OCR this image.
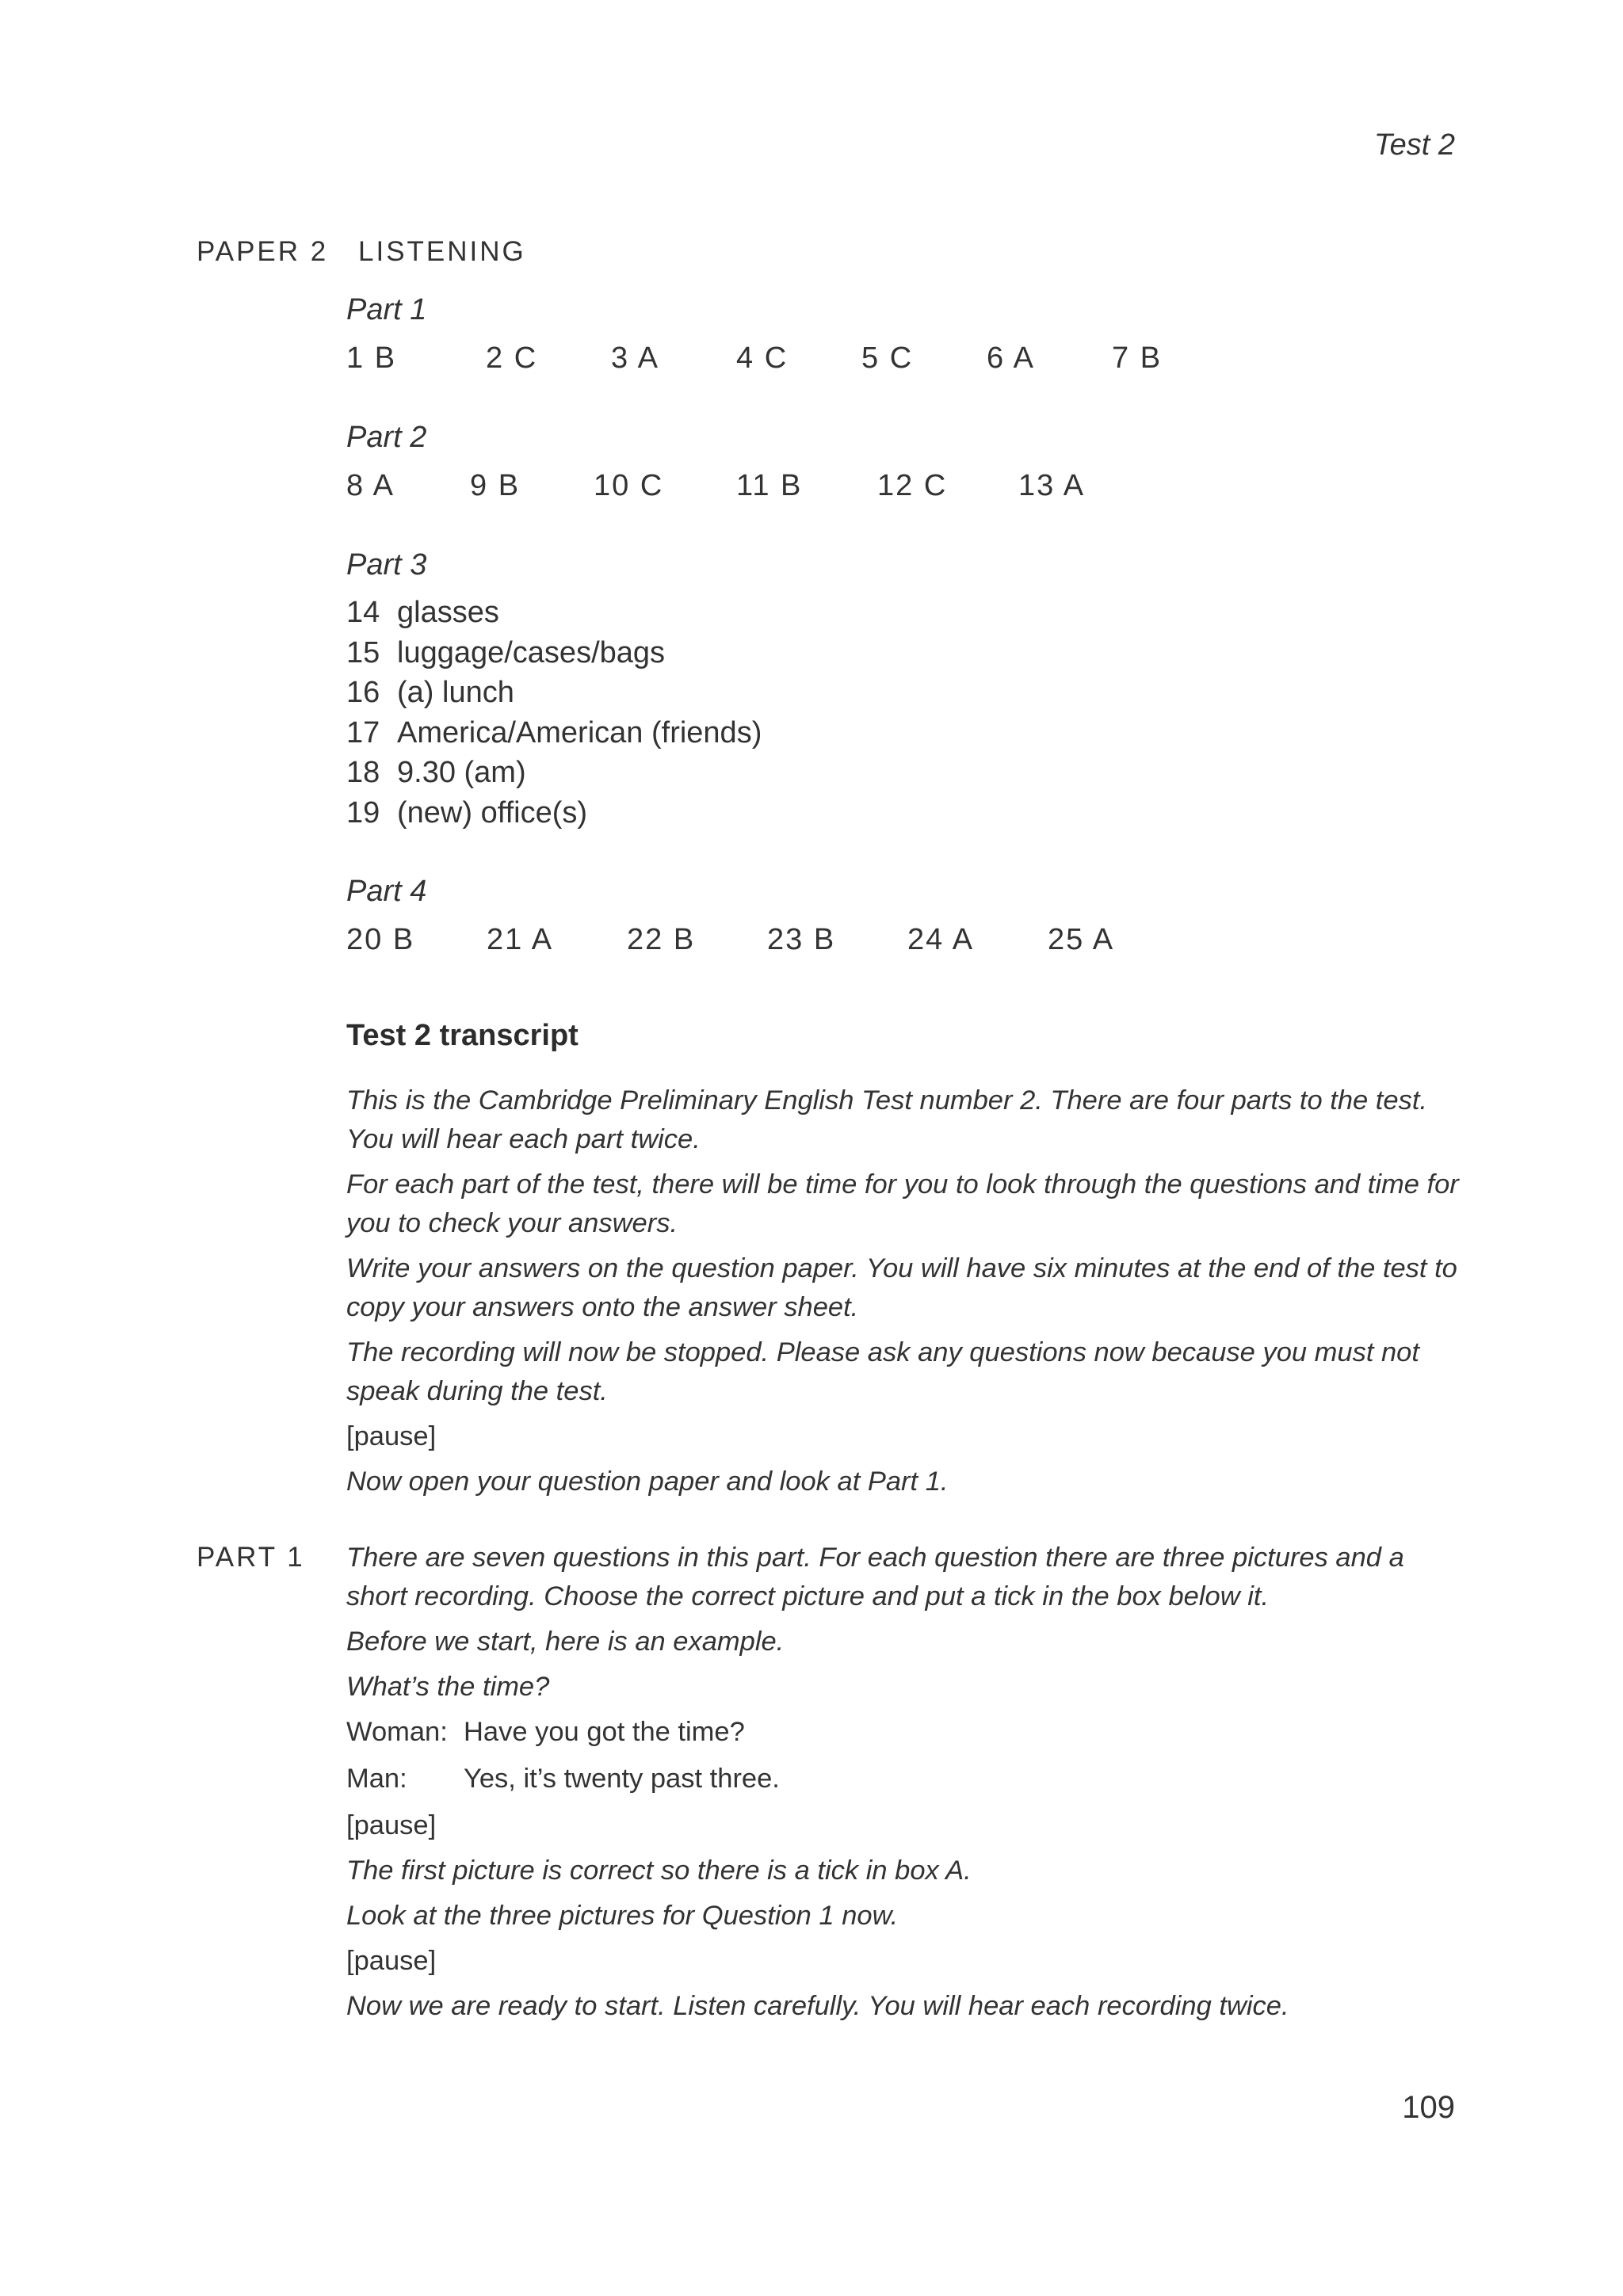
Test 2
PAPER 2 LISTENING
Part 1
1 B	2 C	3 A	4 C	5 C	6 A	7 B
Part 2
8 A	9 B	10 C	11 B	12 C	13 A
Part 3
14 glasses
15 luggage/cases/bags
16 (a) lunch
17 America/American (friends)
18 9.30 (am)
19 (new) office(s)
Part 4
20 B	21 A	22 B	23 B	24 A	25 A
Test 2 transcript

This is the Cambridge Preliminary English Test number 2. There are four parts to the test. You will hear each part twice.

For each part of the test, there will be time for you to look through the questions and time for you to check your answers.

Write your answers on the question paper. You will have six minutes at the end of the test to copy your answers onto the answer sheet.

The recording will now be stopped. Please ask any questions now because you must not speak during the test.

[pause]

Now open your question paper and look at Part 1.

PART 1 There are seven questions in this part. For each question there are three pictures and a short recording. Choose the correct picture and put a tick in the box below it.

Before we start, here is an example.

What’s the time?

Woman: Have you got the time?
Man:	Yes, it’s twenty past three.

[pause]

The first picture is correct so there is a tick in box A.

Look at the three pictures for Question 1 now.

[pause]

Now we are ready to start. Listen carefully. You will hear each recording twice.

109
